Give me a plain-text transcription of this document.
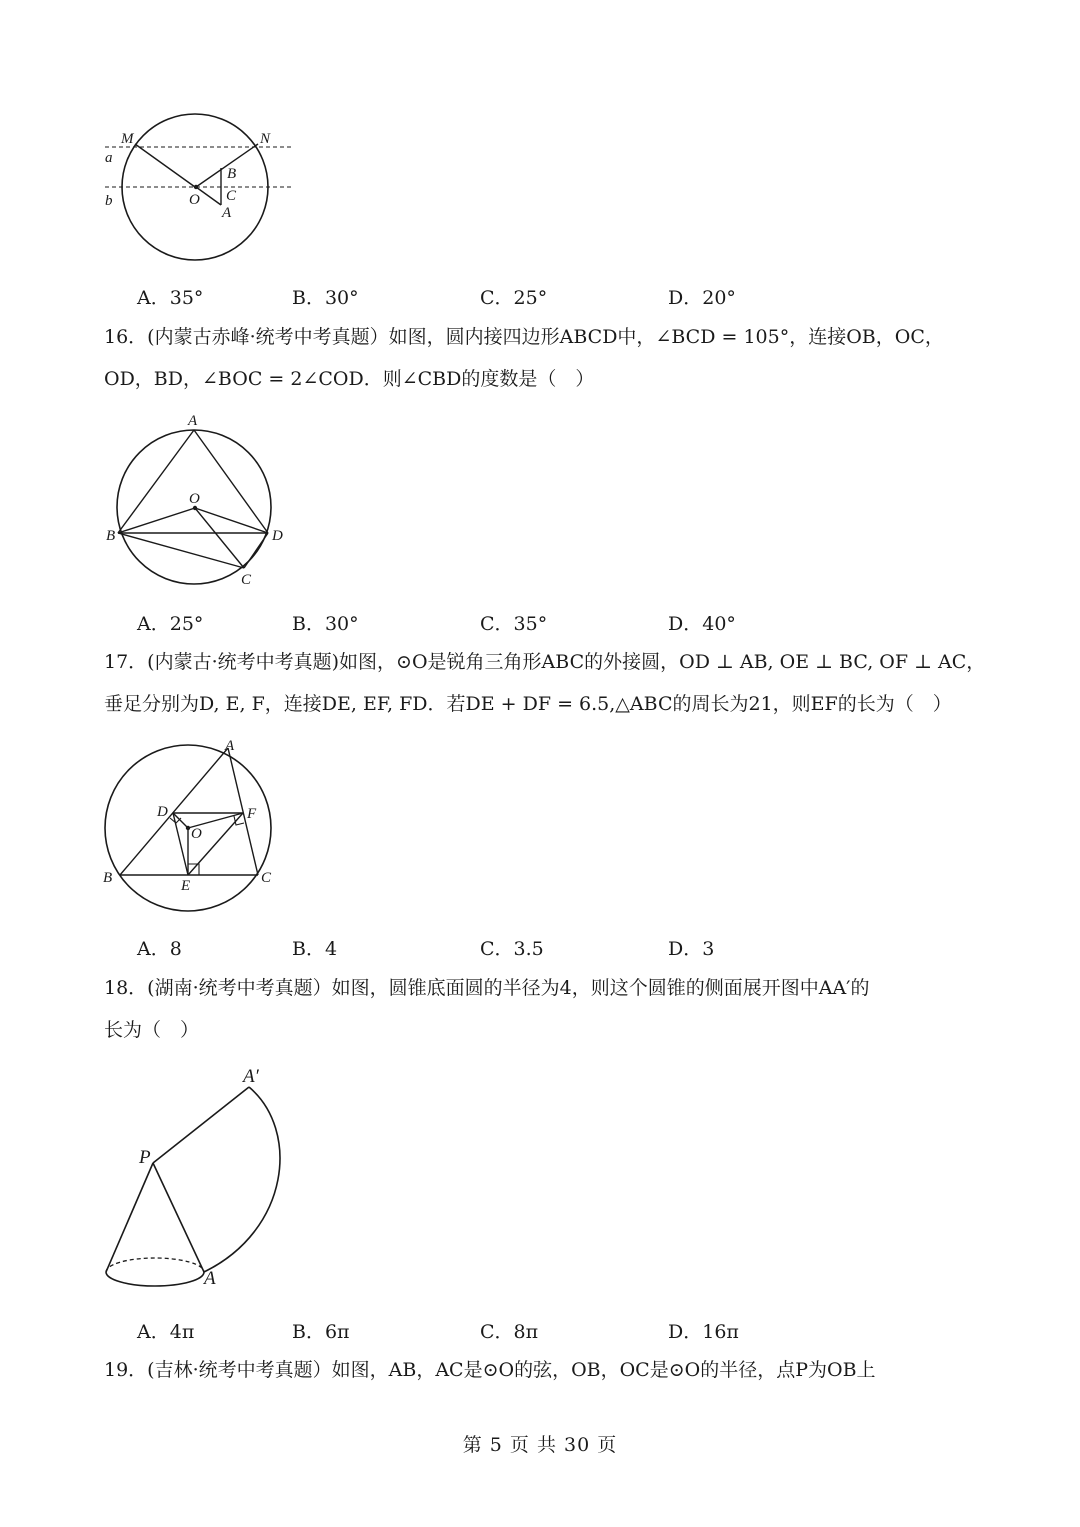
M	N
a
b	O
B
C
A
A．35°	B．30°	C．25°	D．20°
16．(内蒙古赤峰·统考中考真题）如图，圆内接四边形ABCD中，∠BCD = 105°，连接OB，OC，
OD，BD，∠BOC = 2∠COD．则∠CBD的度数是（　）
A
O
B	D
C
A．25°	B．30°	C．35°	D．40°
17．(内蒙古·统考中考真题)如图，⊙O是锐角三角形ABC的外接圆，OD ⊥ AB, OE ⊥ BC, OF ⊥ AC，
垂足分别为D, E, F，连接DE, EF, FD．若DE + DF = 6.5,△ABC的周长为21，则EF的长为（　）
A
D	F
O
B	E	C
A．8	B．4	C．3.5	D．3
18．(湖南·统考中考真题）如图，圆锥底面圆的半径为4，则这个圆锥的侧面展开图中AA′的
长为（　）
A′
P
A
A．4π	B．6π	C．8π	D．16π
19．(吉林·统考中考真题）如图，AB，AC是⊙O的弦，OB，OC是⊙O的半径，点P为OB上
第 5 页 共 30 页
